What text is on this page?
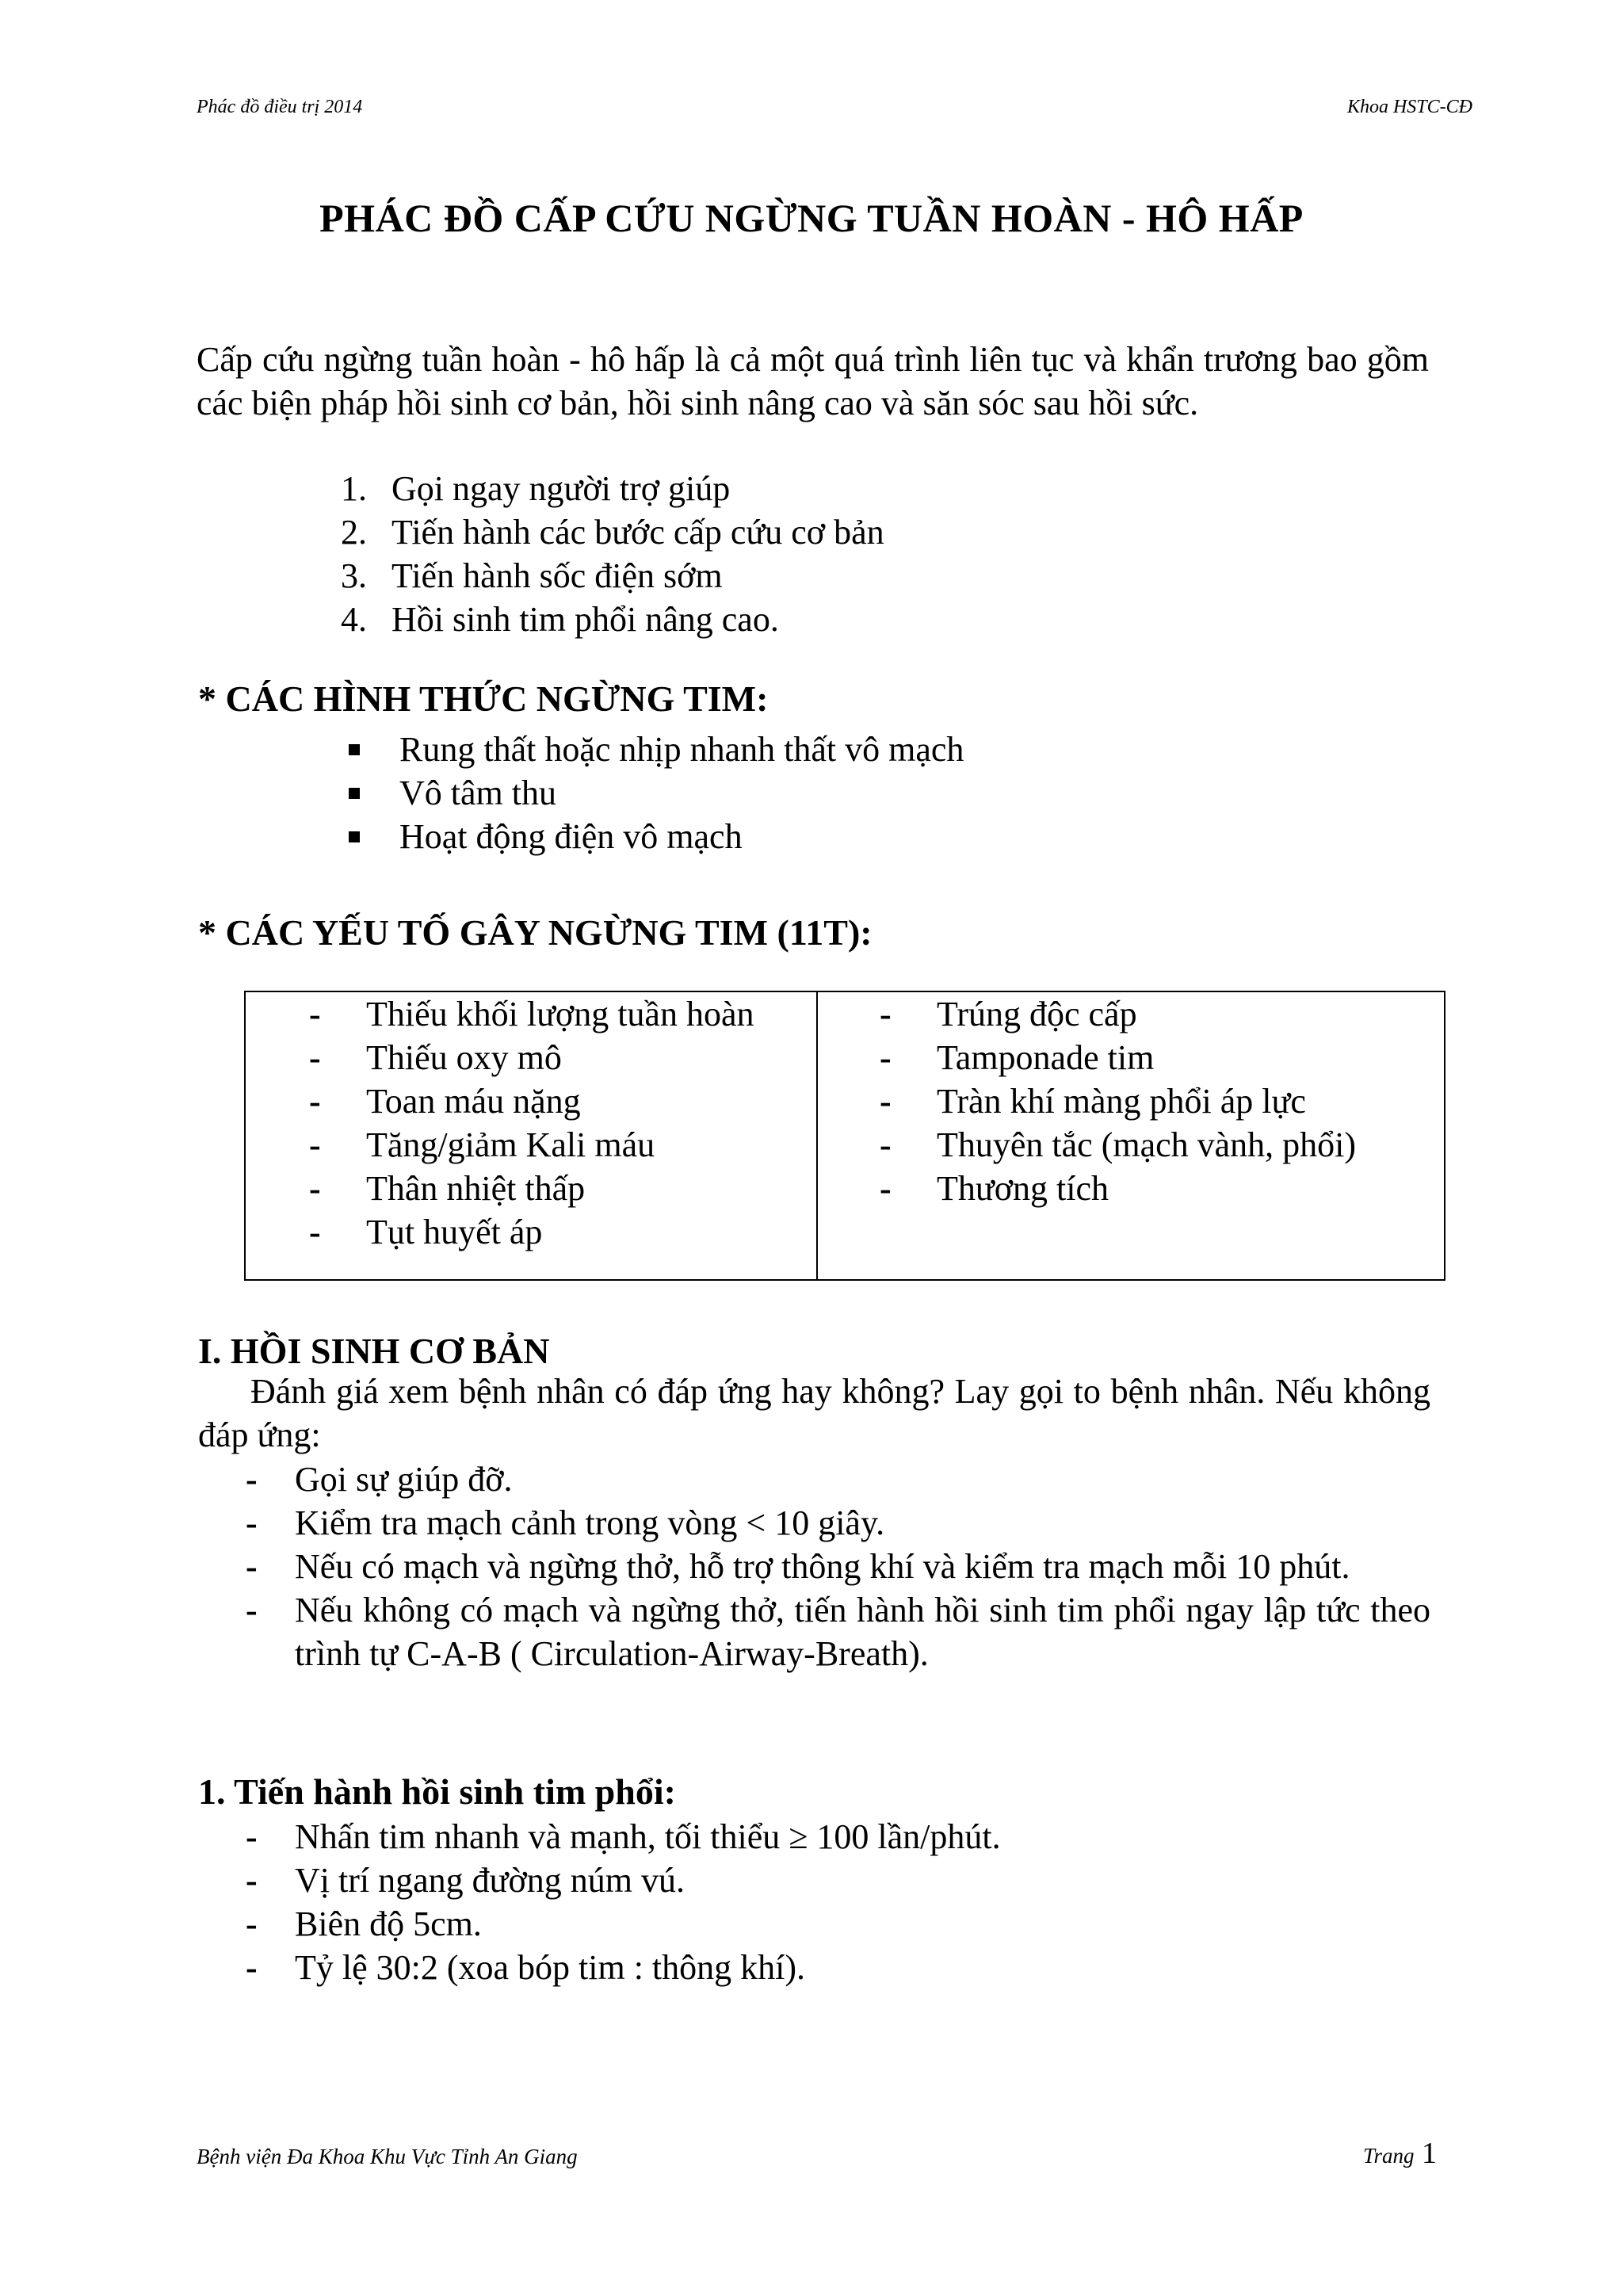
Phác đồ điều trị 2014	Khoa HSTC-CĐ
PHÁC ĐỒ CẤP CỨU NGỪNG TUẦN HOÀN - HÔ HẤP
Cấp cứu ngừng tuần hoàn - hô hấp là cả một quá trình liên tục và khẩn trương bao gồm các biện pháp hồi sinh cơ bản, hồi sinh nâng cao và săn sóc sau hồi sức.
1. Gọi ngay người trợ giúp
2. Tiến hành các bước cấp cứu cơ bản
3. Tiến hành sốc điện sớm
4. Hồi sinh tim phổi nâng cao.
* CÁC HÌNH THỨC NGỪNG TIM:
Rung thất hoặc nhịp nhanh thất vô mạch
Vô tâm thu
Hoạt động điện vô mạch
* CÁC YẾU TỐ GÂY NGỪNG TIM (11T):
-	Thiếu khối lượng tuần hoàn
-	Thiếu oxy mô
-	Toan máu nặng
-	Tăng/giảm Kali máu
-	Thân nhiệt thấp
-	Tụt huyết áp
-	Trúng độc cấp
-	Tamponade tim
-	Tràn khí màng phổi áp lực
-	Thuyên tắc (mạch vành, phổi)
-	Thương tích
I. HỒI SINH CƠ BẢN
Đánh giá xem bệnh nhân có đáp ứng hay không? Lay gọi to bệnh nhân. Nếu không đáp ứng:
-	Gọi sự giúp đỡ.
-	Kiểm tra mạch cảnh trong vòng < 10 giây.
-	Nếu có mạch và ngừng thở, hỗ trợ thông khí và kiểm tra mạch mỗi 10 phút.
-	Nếu không có mạch và ngừng thở, tiến hành hồi sinh tim phổi ngay lập tức theo trình tự C-A-B ( Circulation-Airway-Breath).
1. Tiến hành hồi sinh tim phổi:
-	Nhấn tim nhanh và mạnh, tối thiểu ≥ 100 lần/phút.
-	Vị trí ngang đường núm vú.
-	Biên độ 5cm.
-	Tỷ lệ 30:2 (xoa bóp tim : thông khí).
Bệnh viện Đa Khoa Khu Vực Tỉnh An Giang	Trang 1
